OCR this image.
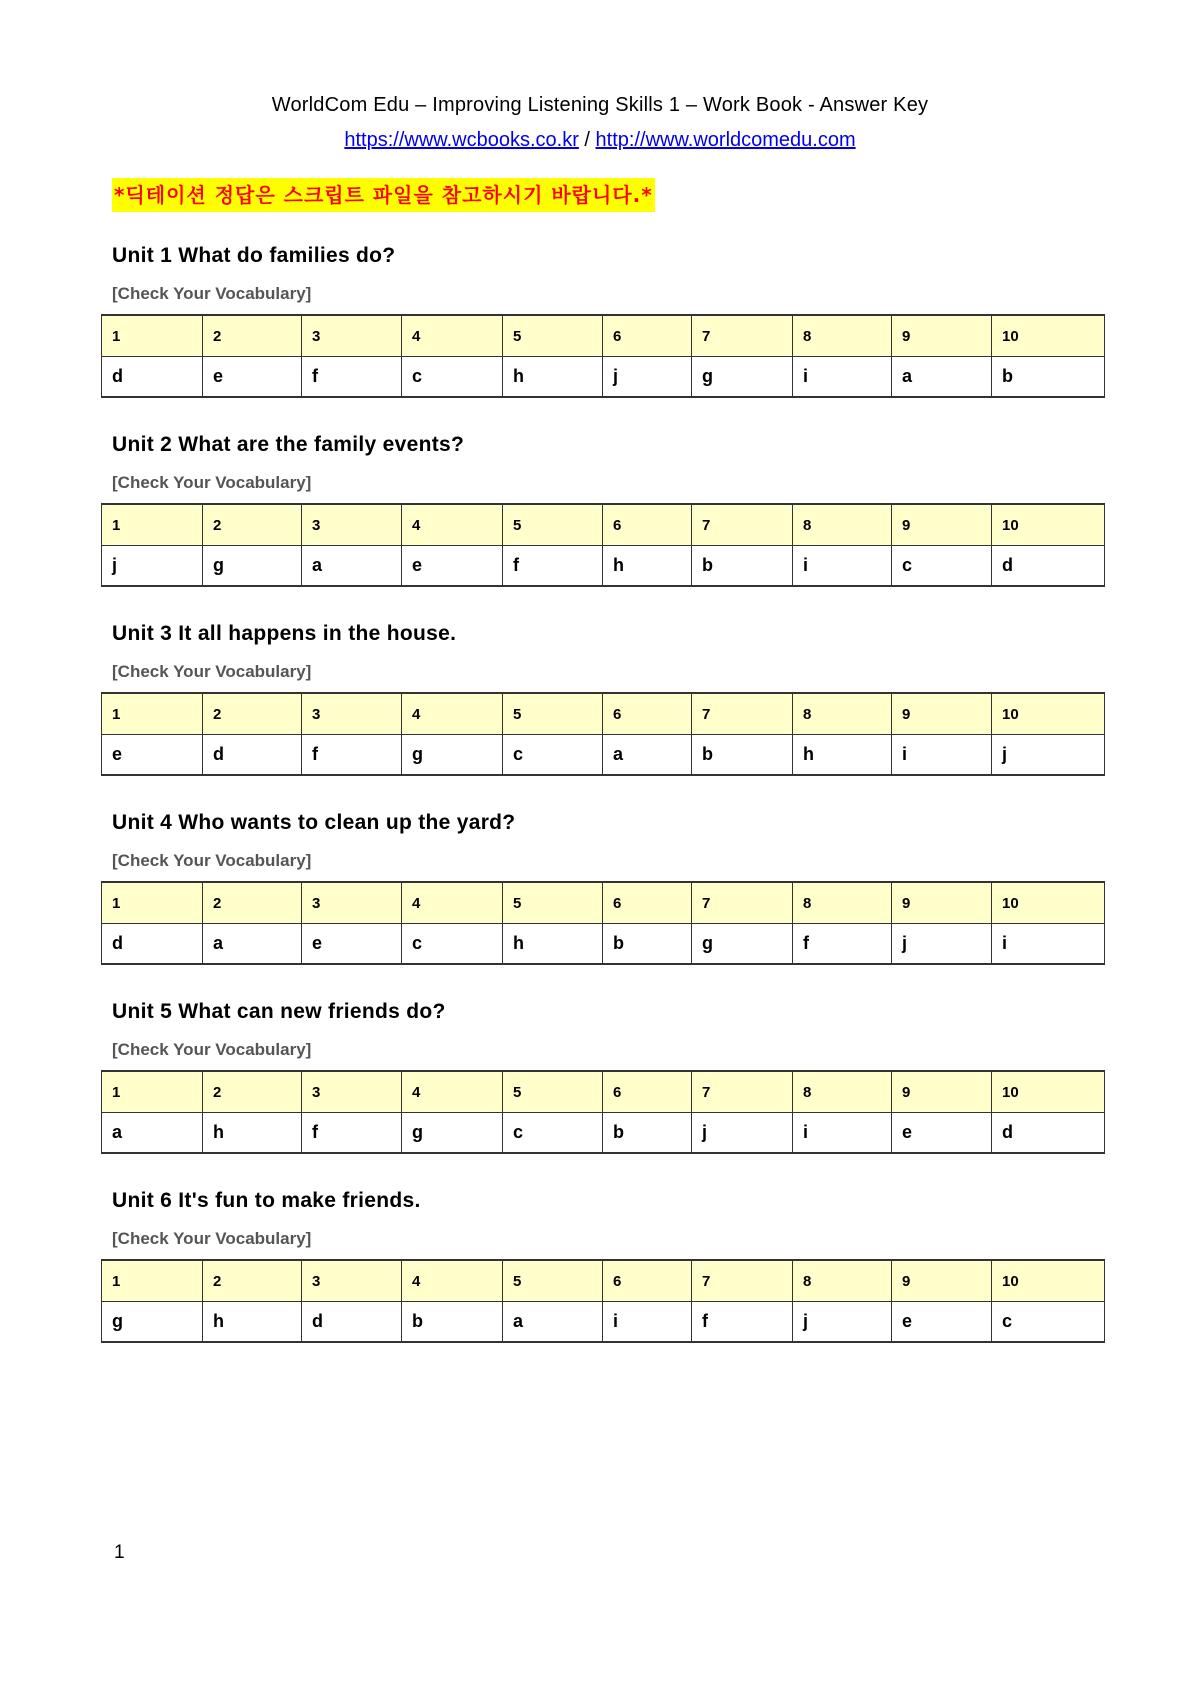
WorldCom Edu – Improving Listening Skills 1 – Work Book - Answer Key
https://www.wcbooks.co.kr / http://www.worldcomedu.com
*딕테이션 정답은 스크립트 파일을 참고하시기 바랍니다.*
Unit 1 What do families do?
[Check Your Vocabulary]
1	2	3	4	5	6	7	8	9	10
d	e	f	c	h	j	g	i	a	b
Unit 2 What are the family events?
[Check Your Vocabulary]
1	2	3	4	5	6	7	8	9	10
j	g	a	e	f	h	b	i	c	d
Unit 3 It all happens in the house.
[Check Your Vocabulary]
1	2	3	4	5	6	7	8	9	10
e	d	f	g	c	a	b	h	i	j
Unit 4 Who wants to clean up the yard?
[Check Your Vocabulary]
1	2	3	4	5	6	7	8	9	10
d	a	e	c	h	b	g	f	j	i
Unit 5 What can new friends do?
[Check Your Vocabulary]
1	2	3	4	5	6	7	8	9	10
a	h	f	g	c	b	j	i	e	d
Unit 6 It's fun to make friends.
[Check Your Vocabulary]
1	2	3	4	5	6	7	8	9	10
g	h	d	b	a	i	f	j	e	c
1
